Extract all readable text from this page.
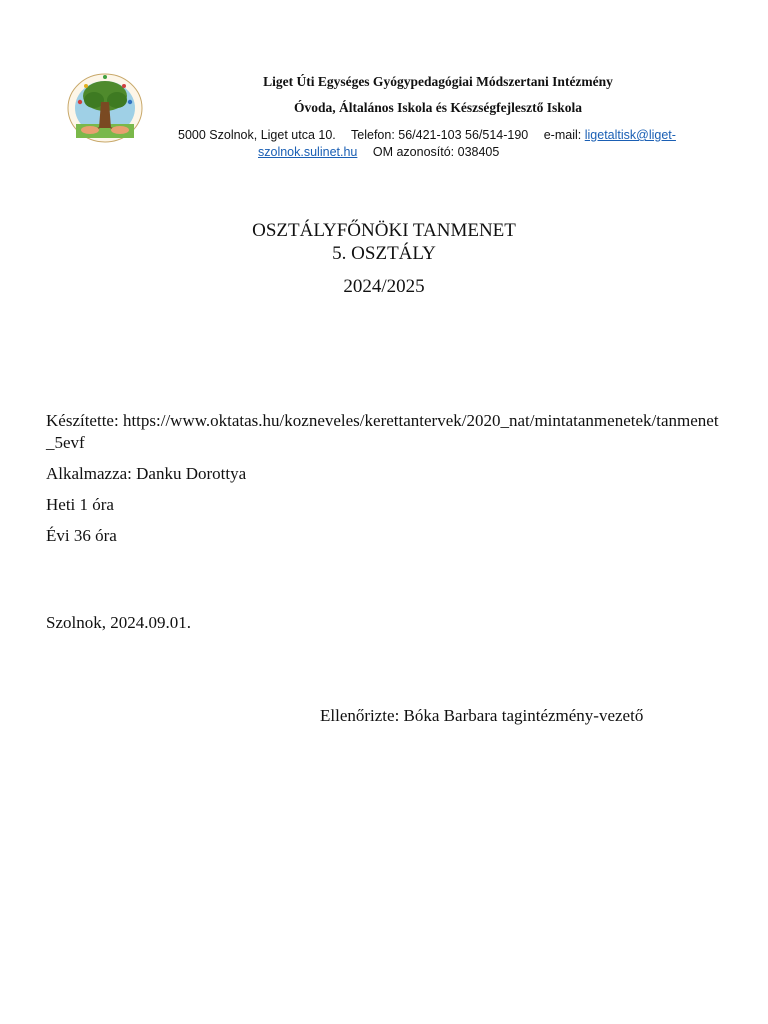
Liget Úti Egységes Gyógypedagógiai Módszertani Intézmény
Óvoda, Általános Iskola és Készségfejlesztő Iskola
5000 Szolnok, Liget utca 10. Telefon: 56/421-103 56/514-190 e-mail: ligetaltisk@liget-
szolnok.sulinet.hu OM azonosító: 038405
OSZTÁLYFŐNÖKI TANMENET
5. OSZTÁLY
2024/2025
Készítette: https://www.oktatas.hu/kozneveles/kerettantervek/2020_nat/mintatanmenetek/tanmenet_5evf
Alkalmazza: Danku Dorottya
Heti 1 óra
Évi 36 óra
Szolnok, 2024.09.01.
Ellenőrizte: Bóka Barbara tagintézmény-vezető
